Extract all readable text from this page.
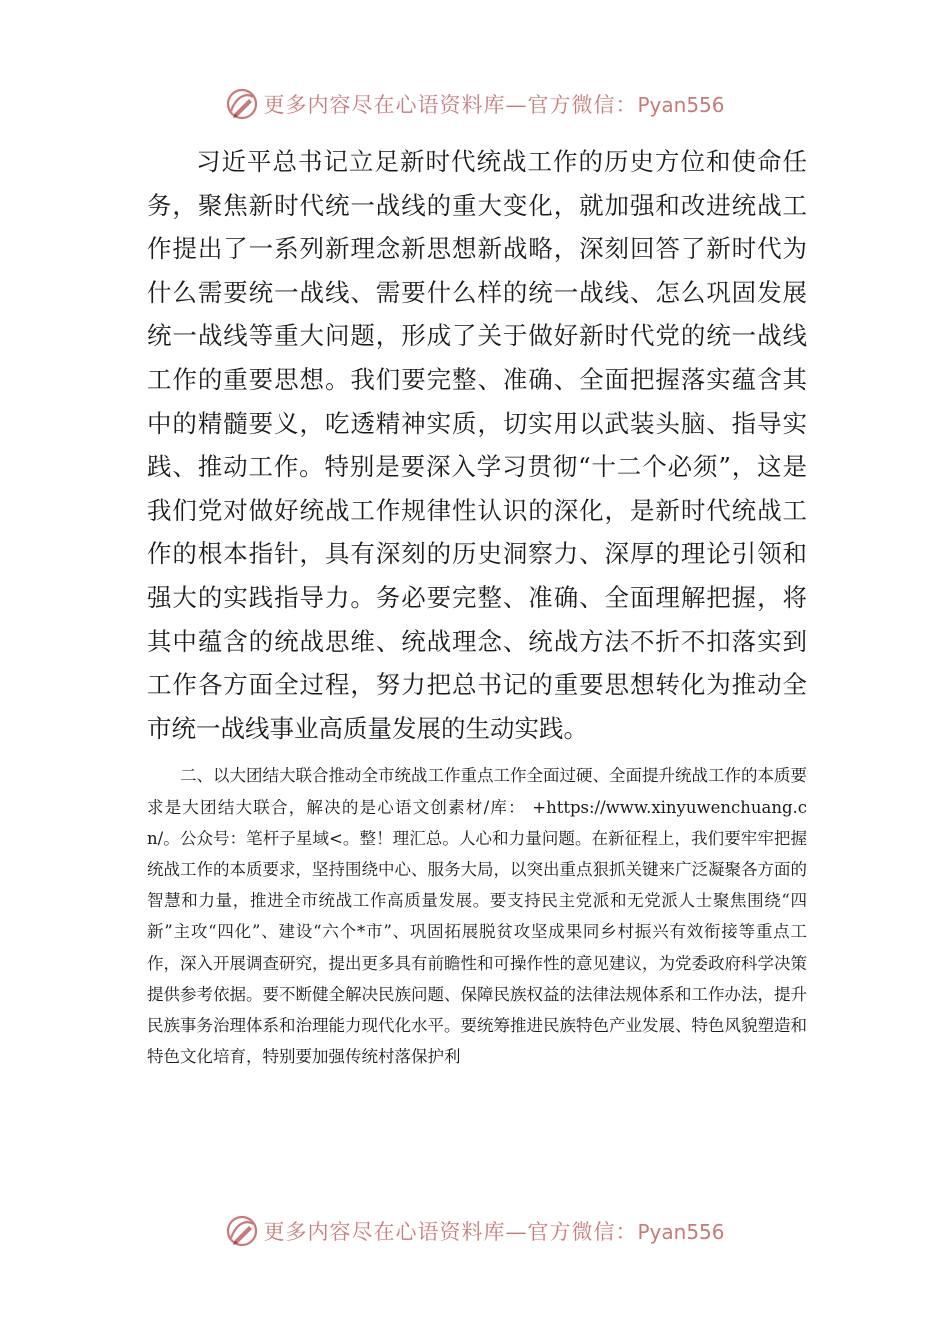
更多内容尽在心语资料库—官方微信：Pyan556

习近平总书记立足新时代统战工作的历史方位和使命任务，聚焦新时代统一战线的重大变化，就加强和改进统战工作提出了一系列新理念新思想新战略，深刻回答了新时代为什么需要统一战线、需要什么样的统一战线、怎么巩固发展统一战线等重大问题，形成了关于做好新时代党的统一战线工作的重要思想。我们要完整、准确、全面把握落实蕴含其中的精髓要义，吃透精神实质，切实用以武装头脑、指导实践、推动工作。特别是要深入学习贯彻“十二个必须”，这是我们党对做好统战工作规律性认识的深化，是新时代统战工作的根本指针，具有深刻的历史洞察力、深厚的理论引领和强大的实践指导力。务必要完整、准确、全面理解把握，将其中蕴含的统战思维、统战理念、统战方法不折不扣落实到工作各方面全过程，努力把总书记的重要思想转化为推动全市统一战线事业高质量发展的生动实践。

二、以大团结大联合推动全市统战工作重点工作全面过硬、全面提升统战工作的本质要求是大团结大联合，解决的是心语文创素材/库： +https://www.xinyuwenchuang.cn/。公众号：笔杆子星域<。整！理汇总。人心和力量问题。在新征程上，我们要牢牢把握统战工作的本质要求，坚持围绕中心、服务大局，以突出重点狠抓关键来广泛凝聚各方面的智慧和力量，推进全市统战工作高质量发展。要支持民主党派和无党派人士聚焦围绕“四新”主攻“四化”、建设“六个*市”、巩固拓展脱贫攻坚成果同乡村振兴有效衔接等重点工作，深入开展调查研究，提出更多具有前瞻性和可操作性的意见建议，为党委政府科学决策提供参考依据。要不断健全解决民族问题、保障民族权益的法律法规体系和工作办法，提升民族事务治理体系和治理能力现代化水平。要统筹推进民族特色产业发展、特色风貌塑造和特色文化培育，特别要加强传统村落保护利

更多内容尽在心语资料库—官方微信：Pyan556
